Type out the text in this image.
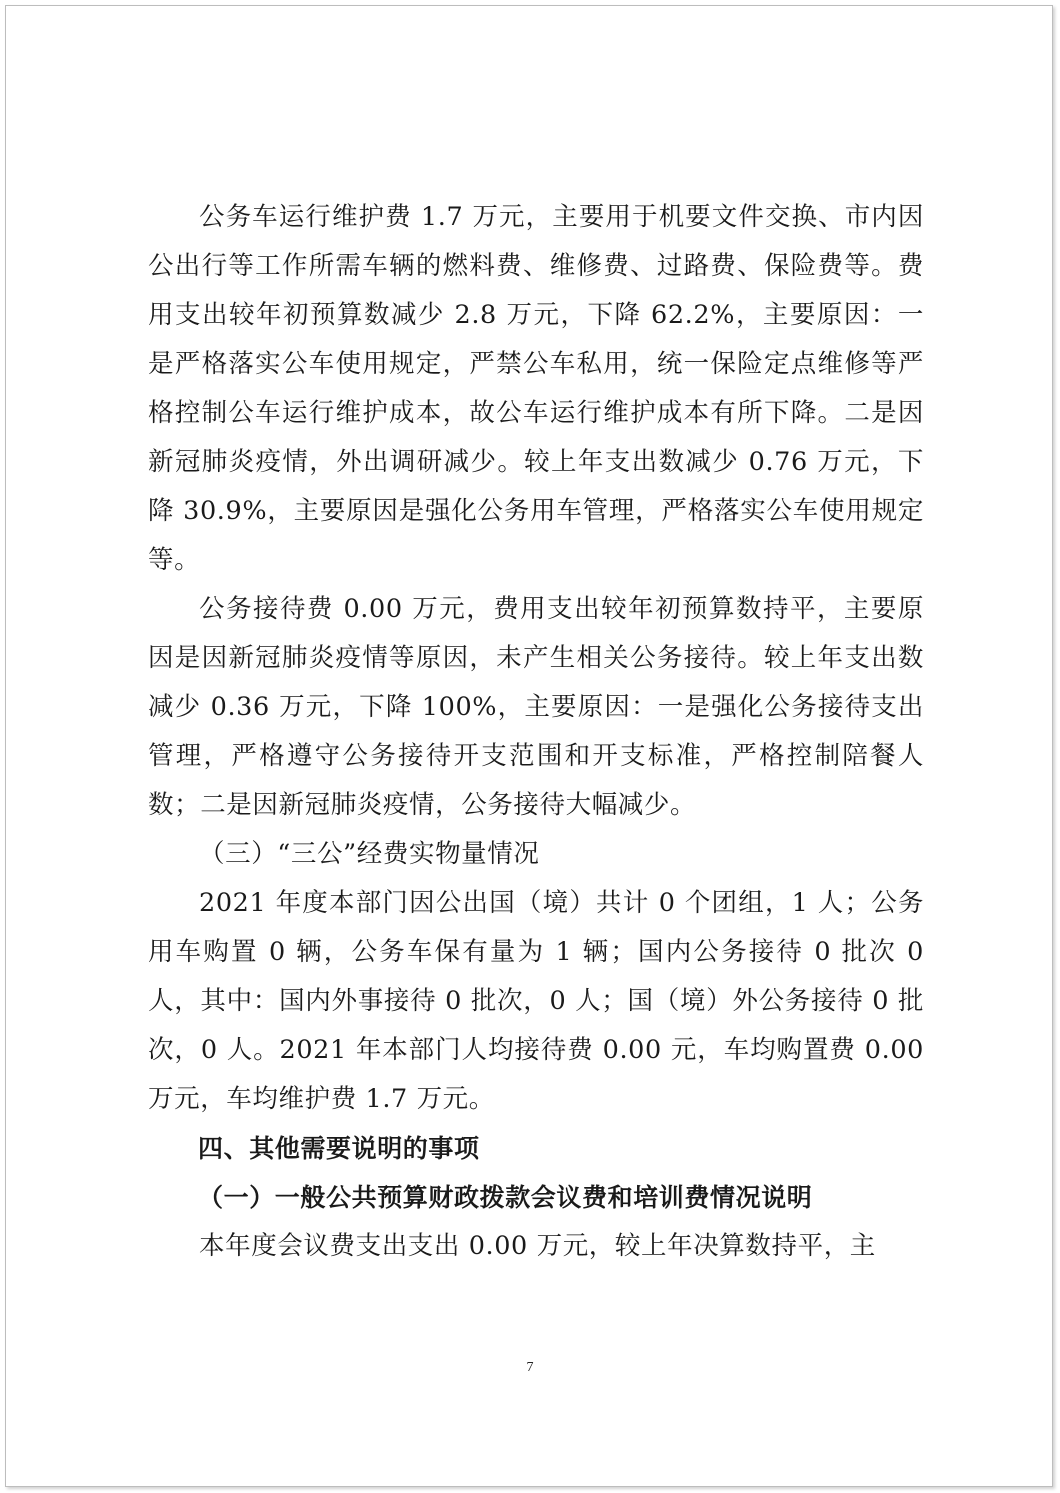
公务车运行维护费 1.7 万元，主要用于机要文件交换、市内因公出行等工作所需车辆的燃料费、维修费、过路费、保险费等。费用支出较年初预算数减少 2.8 万元，下降 62.2%，主要原因：一是严格落实公车使用规定，严禁公车私用，统一保险定点维修等严格控制公车运行维护成本，故公车运行维护成本有所下降。二是因新冠肺炎疫情，外出调研减少。较上年支出数减少 0.76 万元，下降 30.9%，主要原因是强化公务用车管理，严格落实公车使用规定等。

公务接待费 0.00 万元，费用支出较年初预算数持平，主要原因是因新冠肺炎疫情等原因，未产生相关公务接待。较上年支出数减少 0.36 万元，下降 100%，主要原因：一是强化公务接待支出管理，严格遵守公务接待开支范围和开支标准，严格控制陪餐人数；二是因新冠肺炎疫情，公务接待大幅减少。

（三）“三公”经费实物量情况

2021 年度本部门因公出国（境）共计 0 个团组，1 人；公务用车购置 0 辆，公务车保有量为 1 辆；国内公务接待 0 批次 0 人，其中：国内外事接待 0 批次，0 人；国（境）外公务接待 0 批次，0 人。2021 年本部门人均接待费 0.00 元，车均购置费 0.00 万元，车均维护费 1.7 万元。

四、其他需要说明的事项

（一）一般公共预算财政拨款会议费和培训费情况说明

本年度会议费支出支出 0.00 万元，较上年决算数持平，主

7
